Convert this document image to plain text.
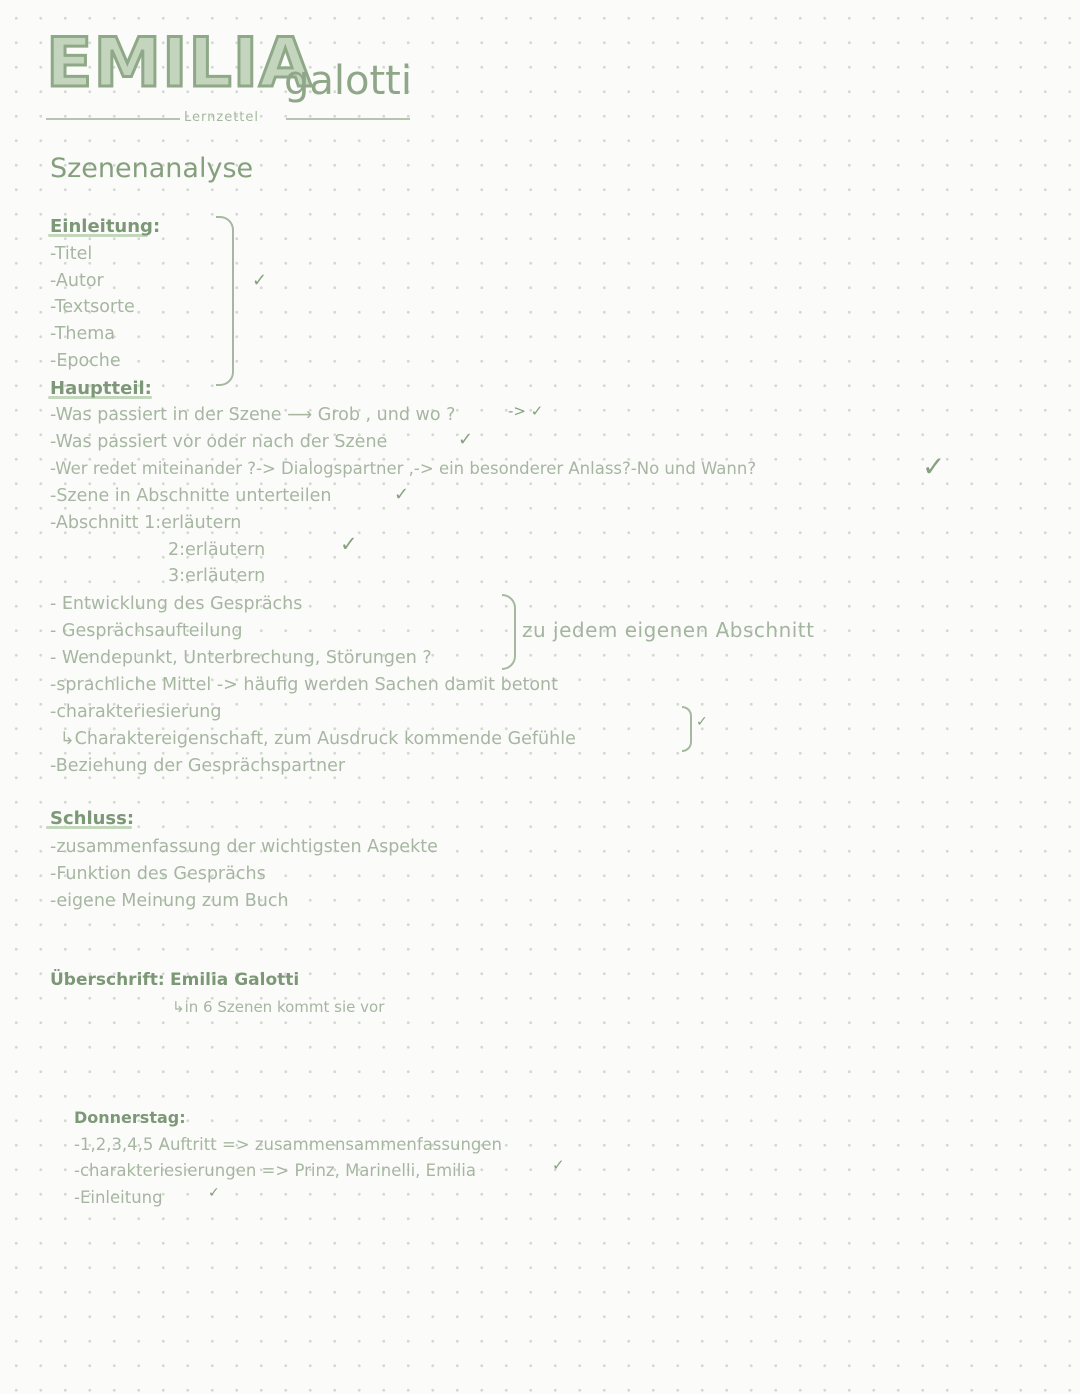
EMILIA
galotti
Lernzettel
Szenenanalyse
Einleitung:
-Titel
-Autor
-Textsorte
-Thema
-Epoche
✓
Hauptteil:
-Was passiert in der Szene ⟶ Grob , und wo ?	-> ✓
-Was passiert vor oder nach der Szene	✓
-Wer redet miteinander ?-> Dialogspartner ,-> ein besonderer Anlass?-No und Wann?	✓
-Szene in Abschnitte unterteilen	✓
-Abschnitt 1:erläutern
2:erläutern	✓
3:erläutern
- Entwicklung des Gesprächs
- Gesprächsaufteilung
- Wendepunkt, Unterbrechung, Störungen ?
zu jedem eigenen Abschnitt
-sprachliche Mittel -> häufig werden Sachen damit betont
-charakteriesierung
↳Charaktereigenschaft, zum Ausdruck kommende Gefühle
✓
-Beziehung der Gesprächspartner
Schluss:
-zusammenfassung der wichtigsten Aspekte
-Funktion des Gesprächs
-eigene Meinung zum Buch
Überschrift: Emilia Galotti
↳in 6 Szenen kommt sie vor
Donnerstag:
-1,2,3,4,5 Auftritt => zusammensammenfassungen
-charakteriesierungen => Prinz, Marinelli, Emilia	✓
-Einleitung	✓
